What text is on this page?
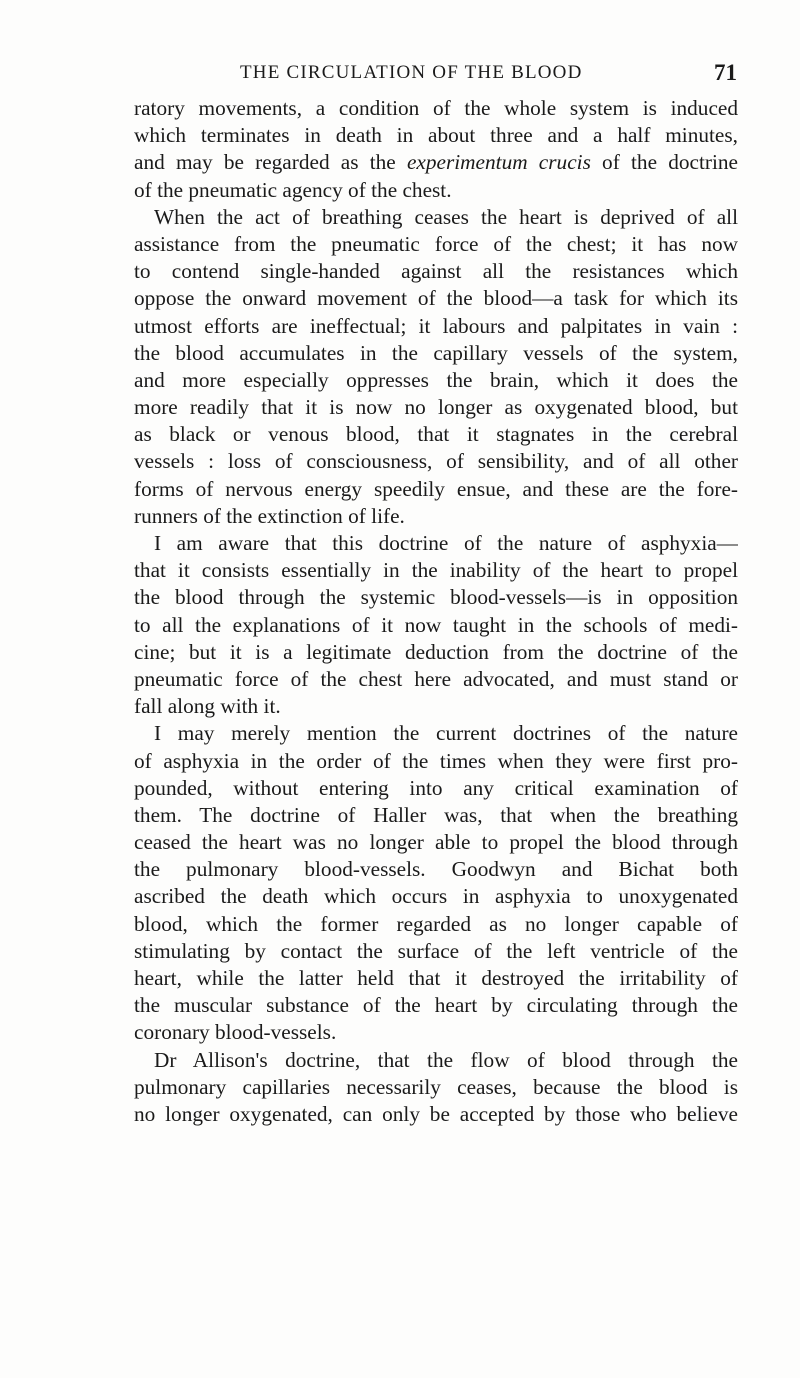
THE CIRCULATION OF THE BLOOD	71
ratory movements, a condition of the whole system is induced
which terminates in death in about three and a half minutes,
and may be regarded as the experimentum crucis of the doctrine
of the pneumatic agency of the chest.
When the act of breathing ceases the heart is deprived of all
assistance from the pneumatic force of the chest; it has now
to contend single-handed against all the resistances which
oppose the onward movement of the blood—a task for which its
utmost efforts are ineffectual; it labours and palpitates in vain :
the blood accumulates in the capillary vessels of the system,
and more especially oppresses the brain, which it does the
more readily that it is now no longer as oxygenated blood, but
as black or venous blood, that it stagnates in the cerebral
vessels : loss of consciousness, of sensibility, and of all other
forms of nervous energy speedily ensue, and these are the fore-
runners of the extinction of life.
I am aware that this doctrine of the nature of asphyxia—
that it consists essentially in the inability of the heart to propel
the blood through the systemic blood-vessels—is in opposition
to all the explanations of it now taught in the schools of medi-
cine; but it is a legitimate deduction from the doctrine of the
pneumatic force of the chest here advocated, and must stand or
fall along with it.
I may merely mention the current doctrines of the nature
of asphyxia in the order of the times when they were first pro-
pounded, without entering into any critical examination of
them. The doctrine of Haller was, that when the breathing
ceased the heart was no longer able to propel the blood through
the pulmonary blood-vessels. Goodwyn and Bichat both
ascribed the death which occurs in asphyxia to unoxygenated
blood, which the former regarded as no longer capable of
stimulating by contact the surface of the left ventricle of the
heart, while the latter held that it destroyed the irritability of
the muscular substance of the heart by circulating through the
coronary blood-vessels.
Dr Allison's doctrine, that the flow of blood through the
pulmonary capillaries necessarily ceases, because the blood is
no longer oxygenated, can only be accepted by those who believe
